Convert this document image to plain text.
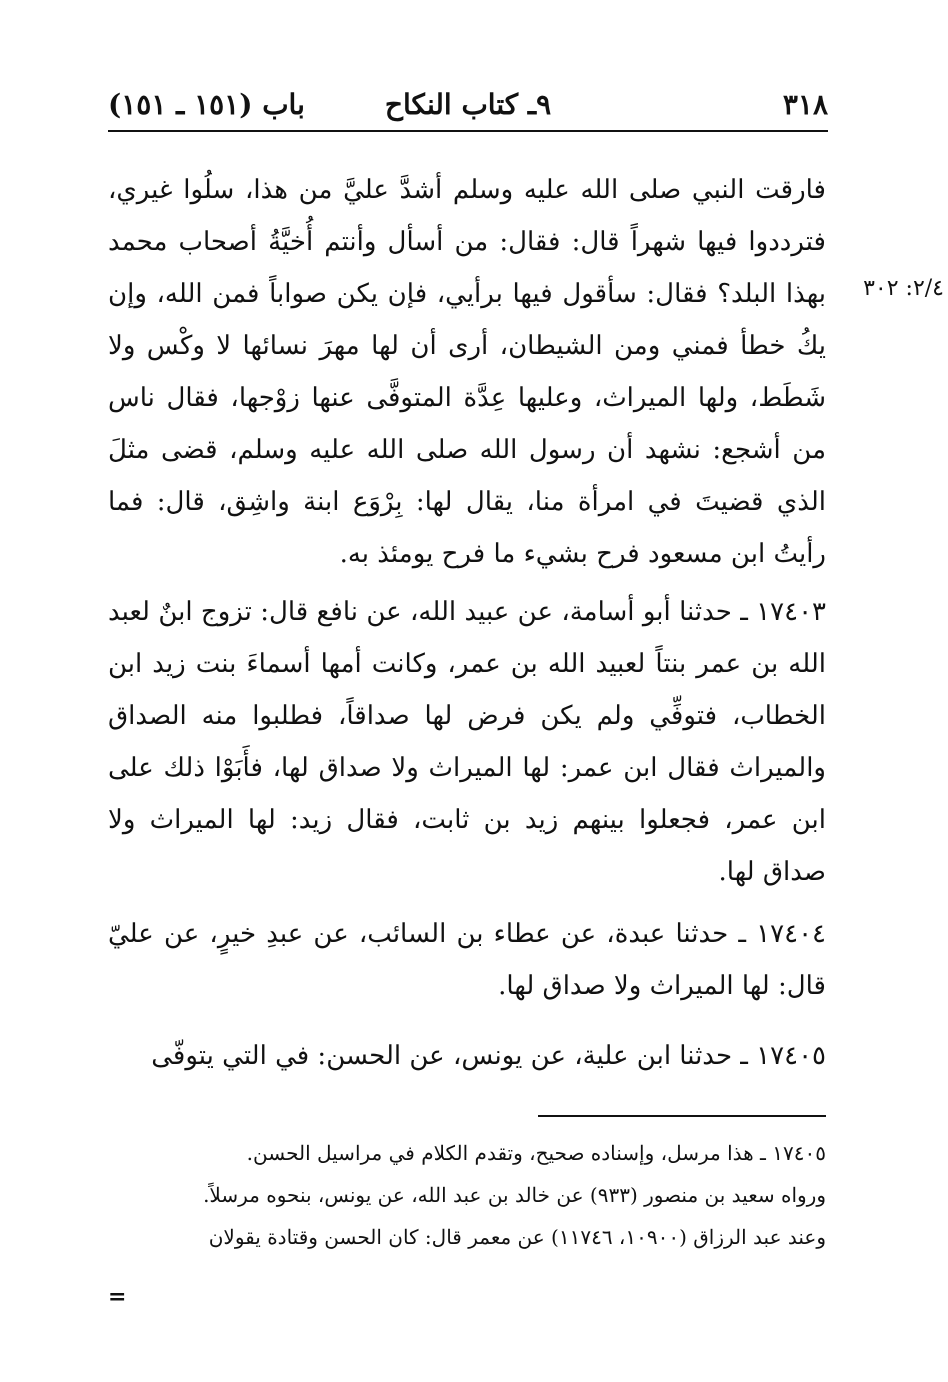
٣١٨
٩ـ كتاب النكاح
باب (١٥١ ـ ١٥١)
٢/٤: ٣٠٢
فارقت النبي صلى الله عليه وسلم أشدَّ عليَّ من هذا، سلُوا غيري، فترددوا فيها شهراً قال: فقال: من أسأل وأنتم أُخيَّةُ أصحاب محمد بهذا البلد؟ فقال: سأقول فيها برأيي، فإن يكن صواباً فمن الله، وإن يكُ خطأ فمني ومن الشيطان، أرى أن لها مهرَ نسائها لا وكْس ولا شَطَط، ولها الميراث، وعليها عِدَّة المتوفَّى عنها زوْجها، فقال ناس من أشجع: نشهد أن رسول الله صلى الله عليه وسلم، قضى مثلَ الذي قضيتَ في امرأة منا، يقال لها: بِرْوَع ابنة واشِق، قال: فما رأيتُ ابن مسعود فرح بشيء ما فرح يومئذ به.
١٧٤٠٣ ـ حدثنا أبو أسامة، عن عبيد الله، عن نافع قال: تزوج ابنٌ لعبد الله بن عمر بنتاً لعبيد الله بن عمر، وكانت أمها أسماءَ بنت زيد ابن الخطاب، فتوفِّي ولم يكن فرض لها صداقاً، فطلبوا منه الصداق والميراث فقال ابن عمر: لها الميراث ولا صداق لها، فأَبَوْا ذلك على ابن عمر، فجعلوا بينهم زيد بن ثابت، فقال زيد: لها الميراث ولا صداق لها.
١٧٤٠٤ ـ حدثنا عبدة، عن عطاء بن السائب، عن عبدِ خيرٍ، عن عليّ قال: لها الميراث ولا صداق لها.
١٧٤٠٥ ـ حدثنا ابن علية، عن يونس، عن الحسن: في التي يتوفّى
١٧٤٠٥ ـ هذا مرسل، وإسناده صحيح، وتقدم الكلام في مراسيل الحسن.
ورواه سعيد بن منصور (٩٣٣) عن خالد بن عبد الله، عن يونس، بنحوه مرسلاً.
وعند عبد الرزاق (١٠٩٠٠، ١١٧٤٦) عن معمر قال: كان الحسن وقتادة يقولان
=
